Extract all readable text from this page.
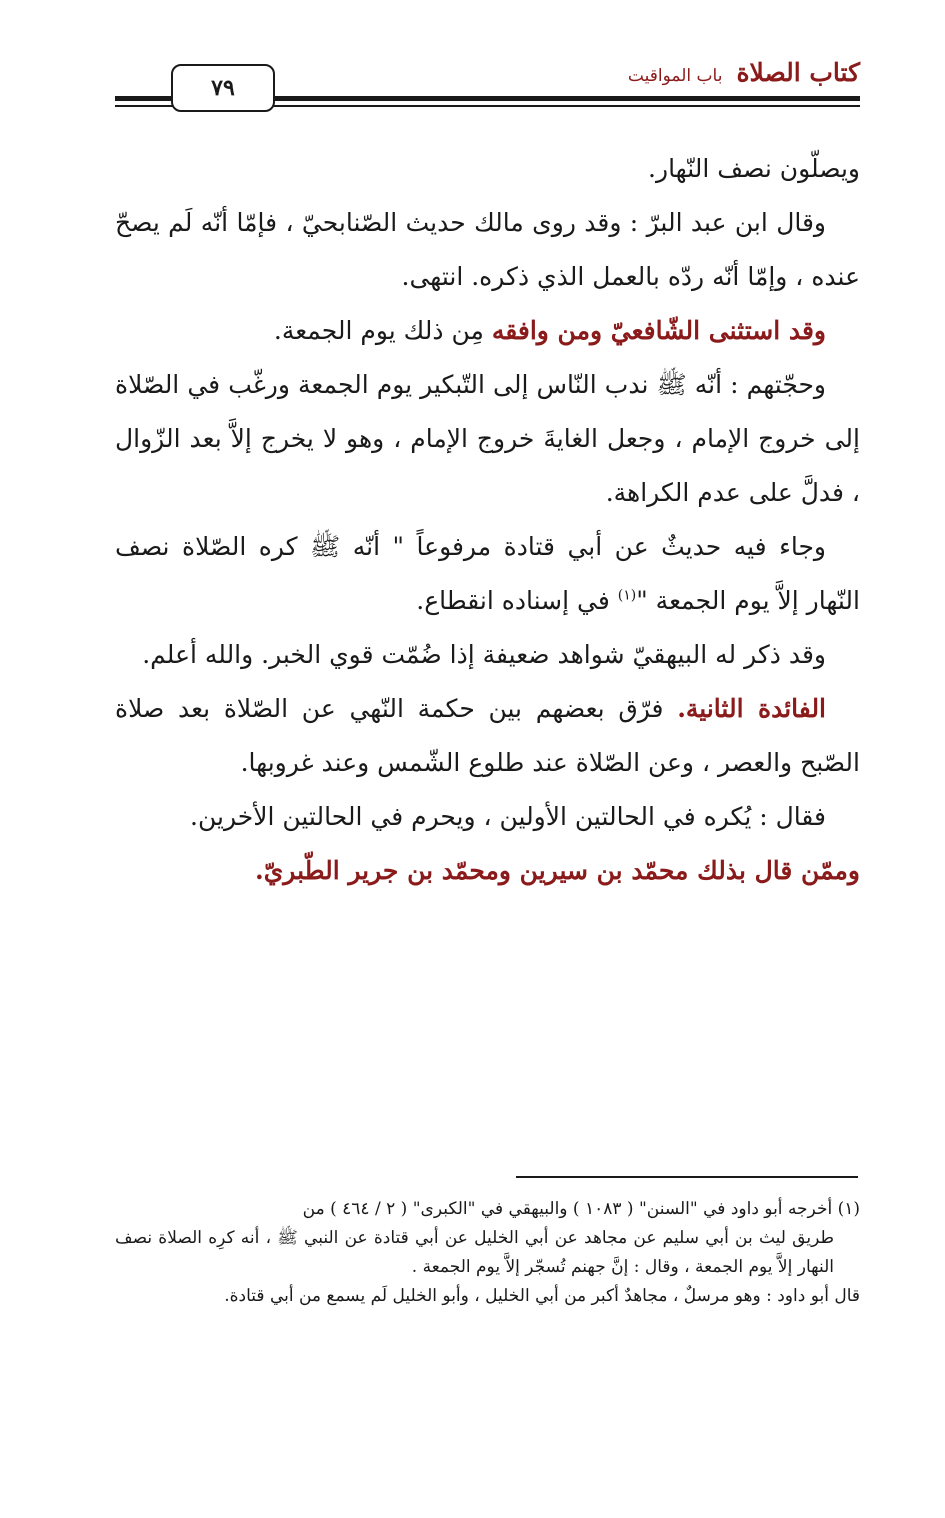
كتاب الصلاةباب المواقيت
٧٩

ويصلّون نصف النّهار.

وقال ابن عبد البرّ : وقد روى مالك حديث الصّنابحيّ ، فإمّا أنّه لَم يصحّ عنده ، وإمّا أنّه ردّه بالعمل الذي ذكره. انتهى.

وقد استثنى الشّافعيّ ومن وافقه مِن ذلك يوم الجمعة.

وحجّتهم : أنّه ﷺ ندب النّاس إلى التّبكير يوم الجمعة ورغّب في الصّلاة إلى خروج الإمام ، وجعل الغايةَ خروج الإمام ، وهو لا يخرج إلاَّ بعد الزّوال ، فدلَّ على عدم الكراهة.

وجاء فيه حديثٌ عن أبي قتادة مرفوعاً " أنّه ﷺ كره الصّلاة نصف النّهار إلاَّ يوم الجمعة "$^{(١)}$ في إسناده انقطاع.

وقد ذكر له البيهقيّ شواهد ضعيفة إذا ضُمّت قوي الخبر. والله أعلم.

الفائدة الثانية. فرّق بعضهم بين حكمة النّهي عن الصّلاة بعد صلاة الصّبح والعصر ، وعن الصّلاة عند طلوع الشّمس وعند غروبها.

فقال : يُكره في الحالتين الأولين ، ويحرم في الحالتين الأخرين.

وممّن قال بذلك محمّد بن سيرين ومحمّد بن جرير الطّبريّ.

(١) أخرجه أبو داود في "السنن" ( ١٠٨٣ ) والبيهقي في "الكبرى" ( ٢ / ٤٦٤ ) من

طريق ليث بن أبي سليم عن مجاهد عن أبي الخليل عن أبي قتادة عن النبي ﷺ ، أنه كرِه الصلاة نصف النهار إلاَّ يوم الجمعة ، وقال : إنَّ جهنم تُسجّر إلاَّ يوم الجمعة .

قال أبو داود : وهو مرسلٌ ، مجاهدٌ أكبر من أبي الخليل ، وأبو الخليل لَم يسمع من أبي قتادة.
